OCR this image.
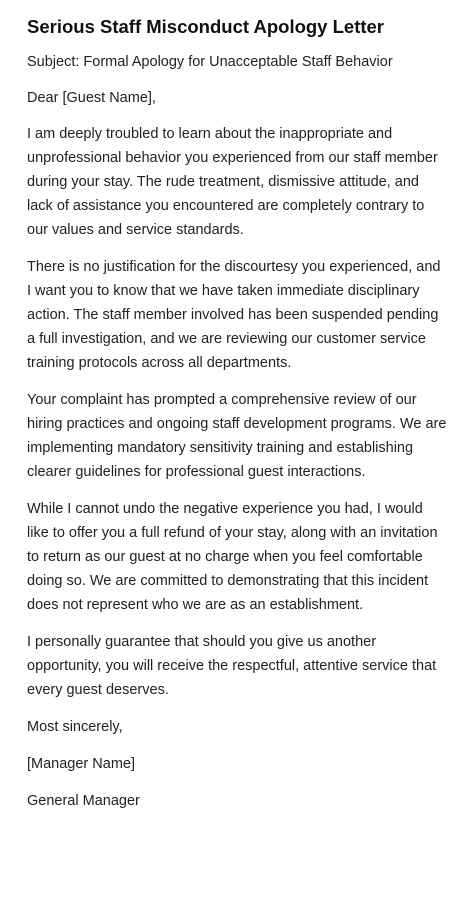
Serious Staff Misconduct Apology Letter

Subject: Formal Apology for Unacceptable Staff Behavior

Dear [Guest Name],

I am deeply troubled to learn about the inappropriate and unprofessional behavior you experienced from our staff member during your stay. The rude treatment, dismissive attitude, and lack of assistance you encountered are completely contrary to our values and service standards.

There is no justification for the discourtesy you experienced, and I want you to know that we have taken immediate disciplinary action. The staff member involved has been suspended pending a full investigation, and we are reviewing our customer service training protocols across all departments.

Your complaint has prompted a comprehensive review of our hiring practices and ongoing staff development programs. We are implementing mandatory sensitivity training and establishing clearer guidelines for professional guest interactions.

While I cannot undo the negative experience you had, I would like to offer you a full refund of your stay, along with an invitation to return as our guest at no charge when you feel comfortable doing so. We are committed to demonstrating that this incident does not represent who we are as an establishment.

I personally guarantee that should you give us another opportunity, you will receive the respectful, attentive service that every guest deserves.

Most sincerely,

[Manager Name]

General Manager
